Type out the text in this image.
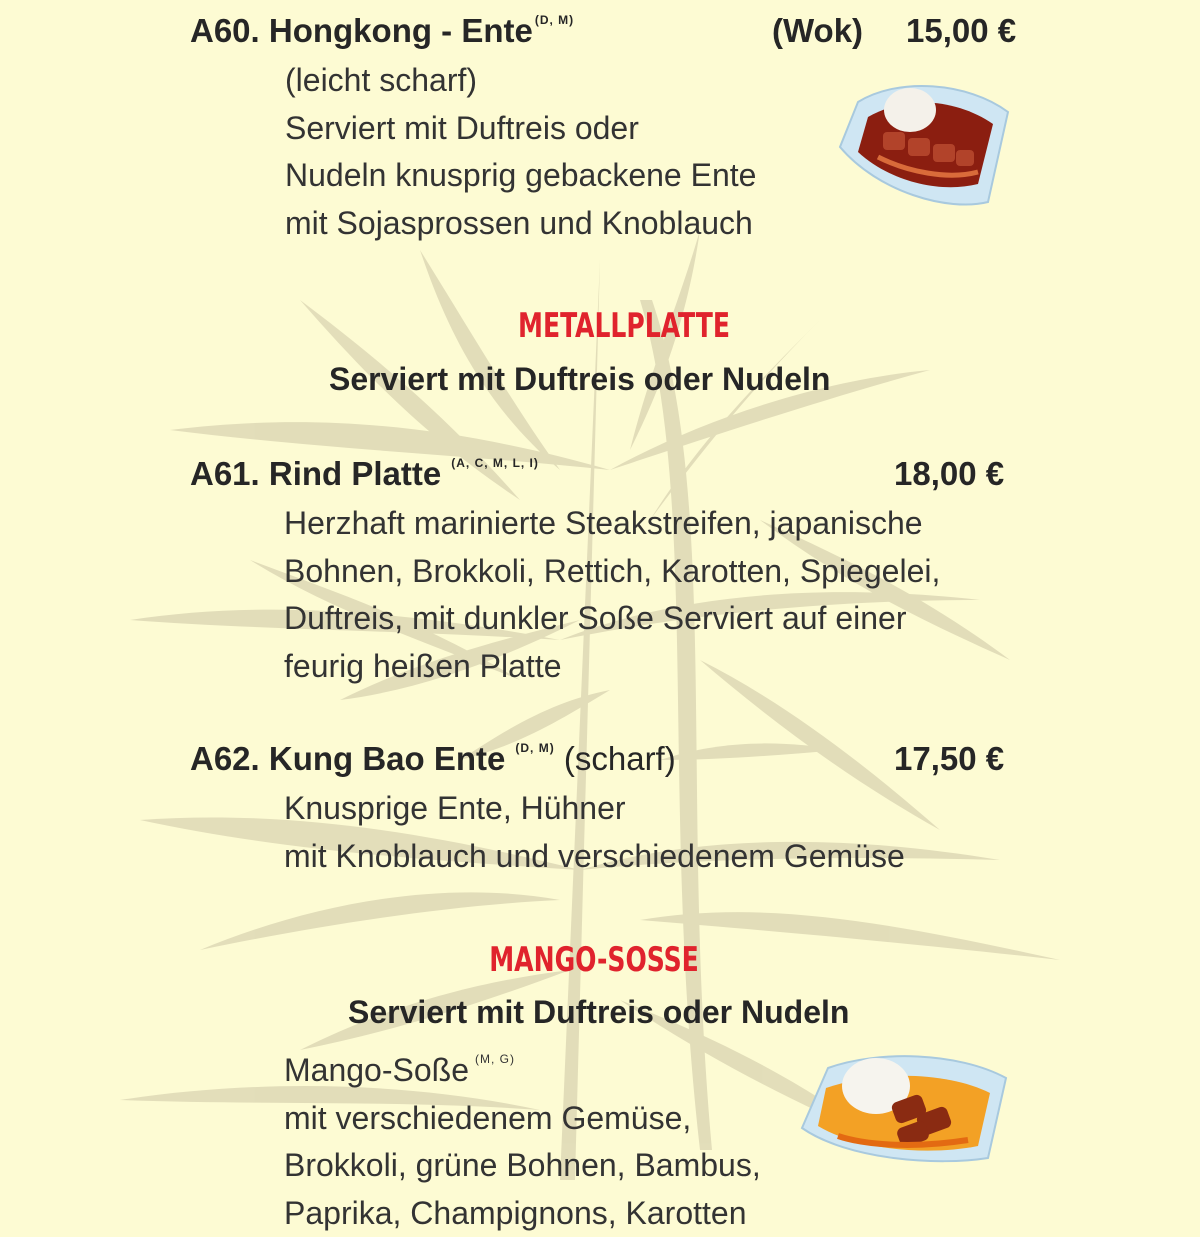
A60. Hongkong - Ente $^{(D, M)}$	(Wok) 15,00 €
(leicht scharf)
Serviert mit Duftreis oder
Nudeln knusprig gebackene Ente
mit Sojasprossen und Knoblauch
METALLPLATTE
Serviert mit Duftreis oder Nudeln
A61. Rind Platte $^{(A, C, M, L, I)}$	18,00 €
Herzhaft marinierte Steakstreifen, japanische
Bohnen, Brokkoli, Rettich, Karotten, Spiegelei,
Duftreis, mit dunkler Soße Serviert auf einer
feurig heißen Platte
A62. Kung Bao Ente $^{(D, M)}$ (scharf)	17,50 €
Knusprige Ente, Hühner
mit Knoblauch und verschiedenem Gemüse
MANGO-SOSSE
Serviert mit Duftreis oder Nudeln
Mango-Soße $^{(M, G)}$
mit verschiedenem Gemüse,
Brokkoli, grüne Bohnen, Bambus,
Paprika, Champignons, Karotten
